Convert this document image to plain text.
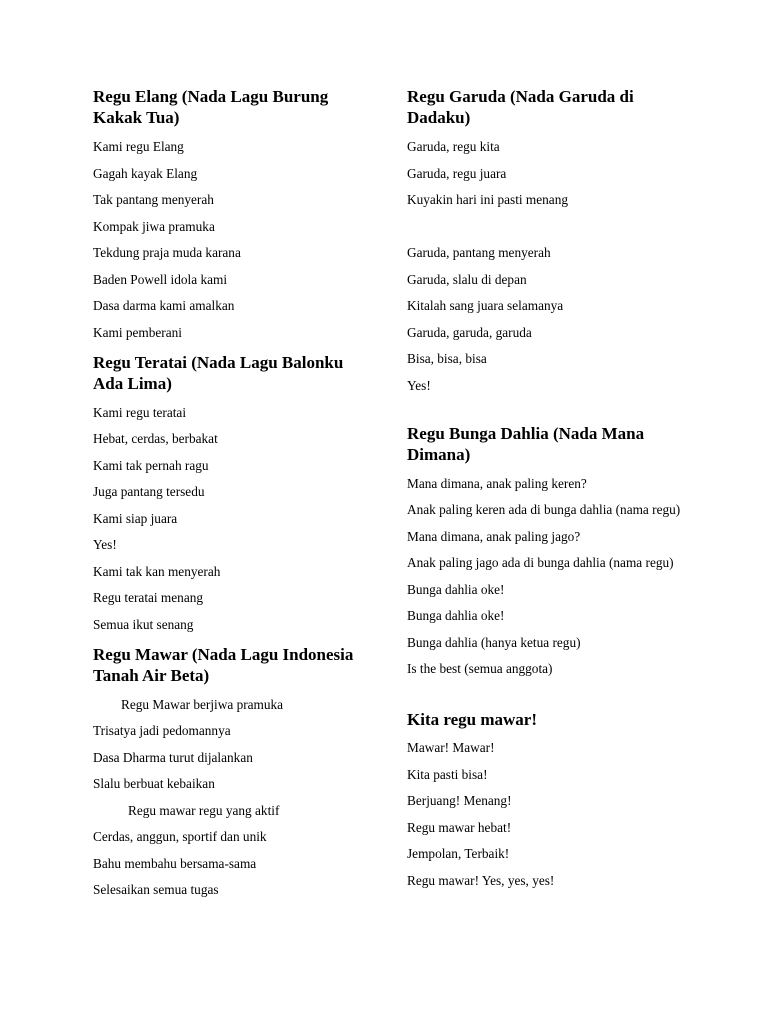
Regu Elang (Nada Lagu Burung Kakak Tua)

Kami regu Elang

Gagah kayak Elang

Tak pantang menyerah

Kompak jiwa pramuka

Tekdung praja muda karana

Baden Powell idola kami

Dasa darma kami amalkan

Kami pemberani

Regu Teratai (Nada Lagu Balonku Ada Lima)

Kami regu teratai

Hebat, cerdas, berbakat

Kami tak pernah ragu

Juga pantang tersedu

Kami siap juara

Yes!

Kami tak kan menyerah

Regu teratai menang

Semua ikut senang

Regu Mawar (Nada Lagu Indonesia Tanah Air Beta)

Regu Mawar berjiwa pramuka

Trisatya jadi pedomannya

Dasa Dharma turut dijalankan

Slalu berbuat kebaikan

Regu mawar regu yang aktif

Cerdas, anggun, sportif dan unik

Bahu membahu bersama-sama

Selesaikan semua tugas

Regu Garuda (Nada Garuda di Dadaku)

Garuda, regu kita

Garuda, regu juara

Kuyakin hari ini pasti menang

Garuda, pantang menyerah

Garuda, slalu di depan

Kitalah sang juara selamanya

Garuda, garuda, garuda

Bisa, bisa, bisa

Yes!

Regu Bunga Dahlia (Nada Mana Dimana)

Mana dimana, anak paling keren?

Anak paling keren ada di bunga dahlia (nama regu)

Mana dimana, anak paling jago?

Anak paling jago ada di bunga dahlia (nama regu)

Bunga dahlia oke!

Bunga dahlia oke!

Bunga dahlia (hanya ketua regu)

Is the best (semua anggota)

Kita regu mawar!

Mawar! Mawar!

Kita pasti bisa!

Berjuang! Menang!

Regu mawar hebat!

Jempolan, Terbaik!

Regu mawar! Yes, yes, yes!
